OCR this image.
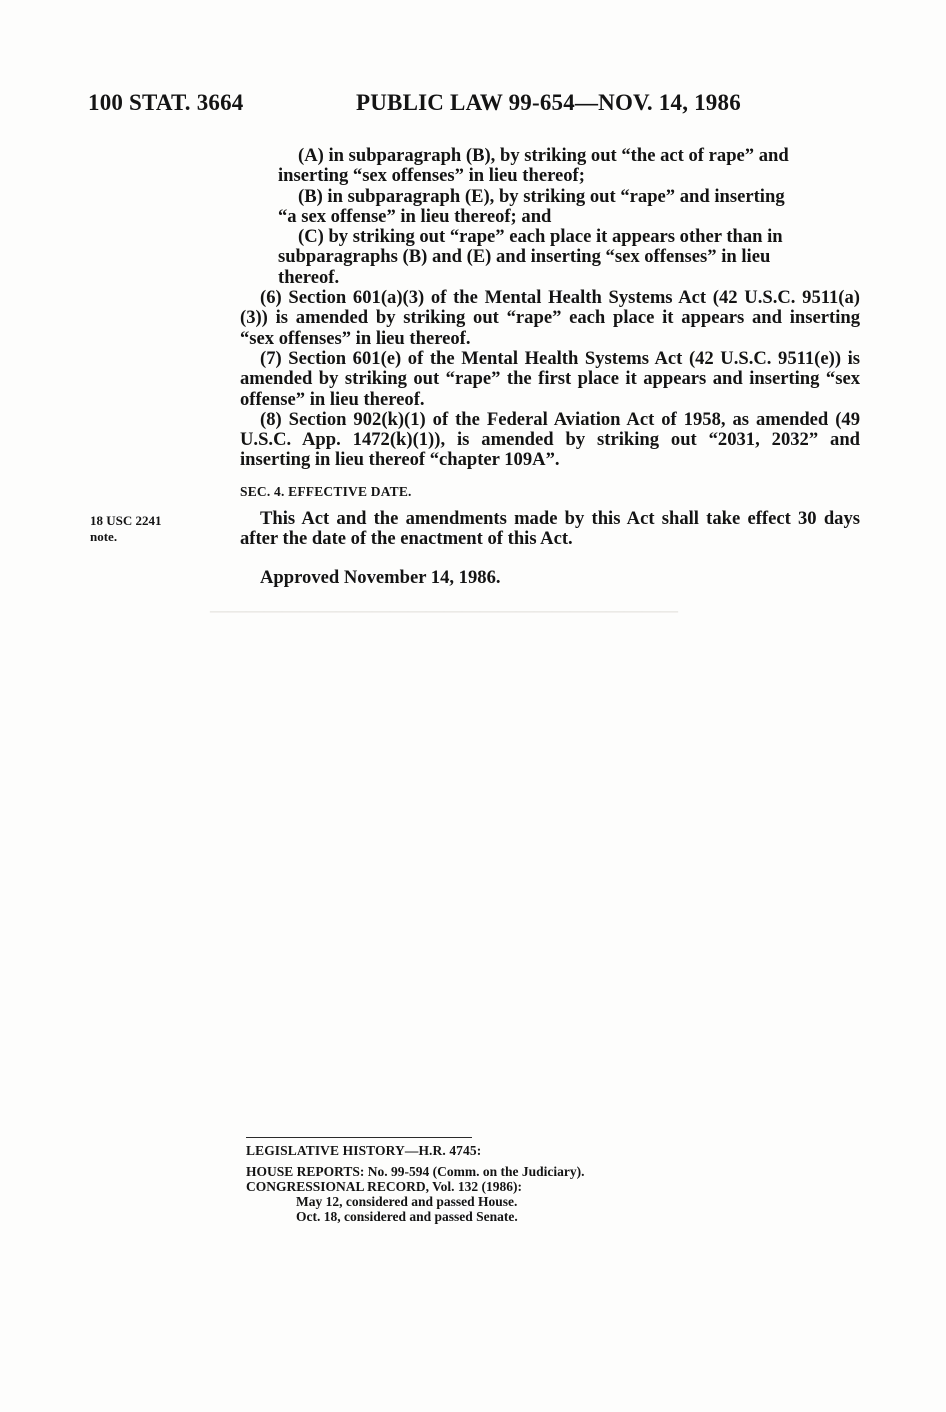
——————————————————————————
100 STAT. 3664	PUBLIC LAW 99-654—NOV. 14, 1986

(A) in subparagraph (B), by striking out “the act of rape” and

inserting “sex offenses” in lieu thereof;

(B) in subparagraph (E), by striking out “rape” and inserting

“a sex offense” in lieu thereof; and

(C) by striking out “rape” each place it appears other than in

subparagraphs (B) and (E) and inserting “sex offenses” in lieu

thereof.

(6) Section 601(a)(3) of the Mental Health Systems Act (42 U.S.C. 9511(a)(3)) is amended by striking out “rape” each place it appears and inserting “sex offenses” in lieu thereof.

(7) Section 601(e) of the Mental Health Systems Act (42 U.S.C. 9511(e)) is amended by striking out “rape” the first place it appears and inserting “sex offense” in lieu thereof.

(8) Section 902(k)(1) of the Federal Aviation Act of 1958, as amended (49 U.S.C. App. 1472(k)(1)), is amended by striking out “2031, 2032” and inserting in lieu thereof “chapter 109A”.

SEC. 4. EFFECTIVE DATE.
18 USC 2241
note.

This Act and the amendments made by this Act shall take effect 30 days after the date of the enactment of this Act.

Approved November 14, 1986.

LEGISLATIVE HISTORY—H.R. 4745:

HOUSE REPORTS: No. 99-594 (Comm. on the Judiciary).

CONGRESSIONAL RECORD, Vol. 132 (1986):

May 12, considered and passed House.

Oct. 18, considered and passed Senate.
